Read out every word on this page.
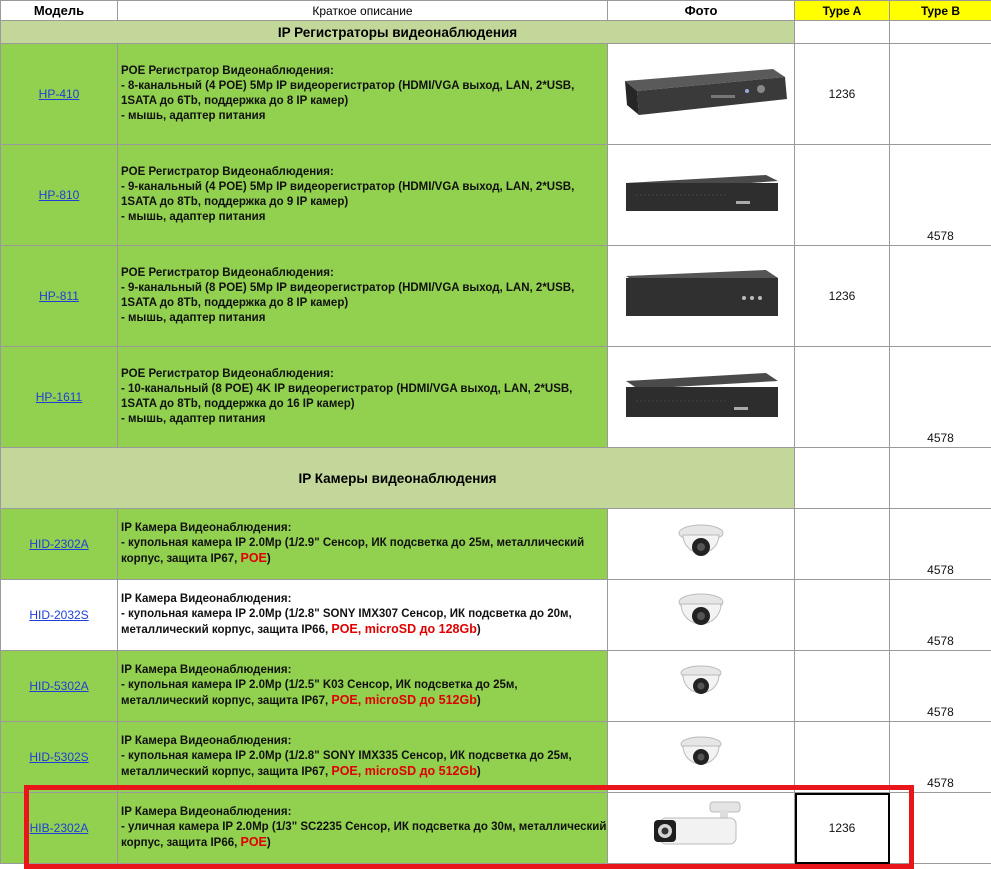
Модель	Краткое описание	Фото	Type A	Type B
IP Регистраторы видеонаблюдения				
HP-410	POE Регистратор Видеонаблюдения:
- 8-канальный (4 POE) 5Mp IP видеорегистратор (HDMI/VGA выход, LAN, 2*USB, 1SATA до 6Tb, поддержка до 8 IP камер)
- мышь, адаптер питания		1236	
HP-810	POE Регистратор Видеонаблюдения:
- 9-канальный (4 POE) 5Mp IP видеорегистратор (HDMI/VGA выход, LAN, 2*USB, 1SATA до 8Tb, поддержка до 9 IP камер)
- мышь, адаптер питания			4578
HP-811	POE Регистратор Видеонаблюдения:
- 9-канальный (8 POE) 5Mp IP видеорегистратор (HDMI/VGA выход, LAN, 2*USB, 1SATA до 8Tb, поддержка до 8 IP камер)
- мышь, адаптер питания		1236	
HP-1611	POE Регистратор Видеонаблюдения:
- 10-канальный (8 POE) 4K IP видеорегистратор (HDMI/VGA выход, LAN, 2*USB, 1SATA до 8Tb, поддержка до 16 IP камер)
- мышь, адаптер питания			4578
IP Камеры видеонаблюдения				
HID-2302A	IP Камера Видеонаблюдения:
- купольная камера IP 2.0Mp (1/2.9" Сенсор, ИК подсветка до 25м, металлический корпус, защита IP67, POE)			4578
HID-2032S	IP Камера Видеонаблюдения:
- купольная камера IP 2.0Mp (1/2.8" SONY IMX307 Сенсор, ИК подсветка до 20м, металлический корпус, защита IP66, POE, microSD до 128Gb)			4578
HID-5302A	IP Камера Видеонаблюдения:
- купольная камера IP 2.0Mp (1/2.5" K03 Сенсор, ИК подсветка до 25м, металлический корпус, защита IP67, POE, microSD до 512Gb)			4578
HID-5302S	IP Камера Видеонаблюдения:
- купольная камера IP 2.0Mp (1/2.8" SONY IMX335 Сенсор, ИК подсветка до 25м, металлический корпус, защита IP67, POE, microSD до 512Gb)			4578
HIB-2302A	IP Камера Видеонаблюдения:
- уличная камера IP 2.0Mp (1/3" SC2235 Сенсор, ИК подсветка до 30м, металлический корпус, защита IP66, POE)		1236	
